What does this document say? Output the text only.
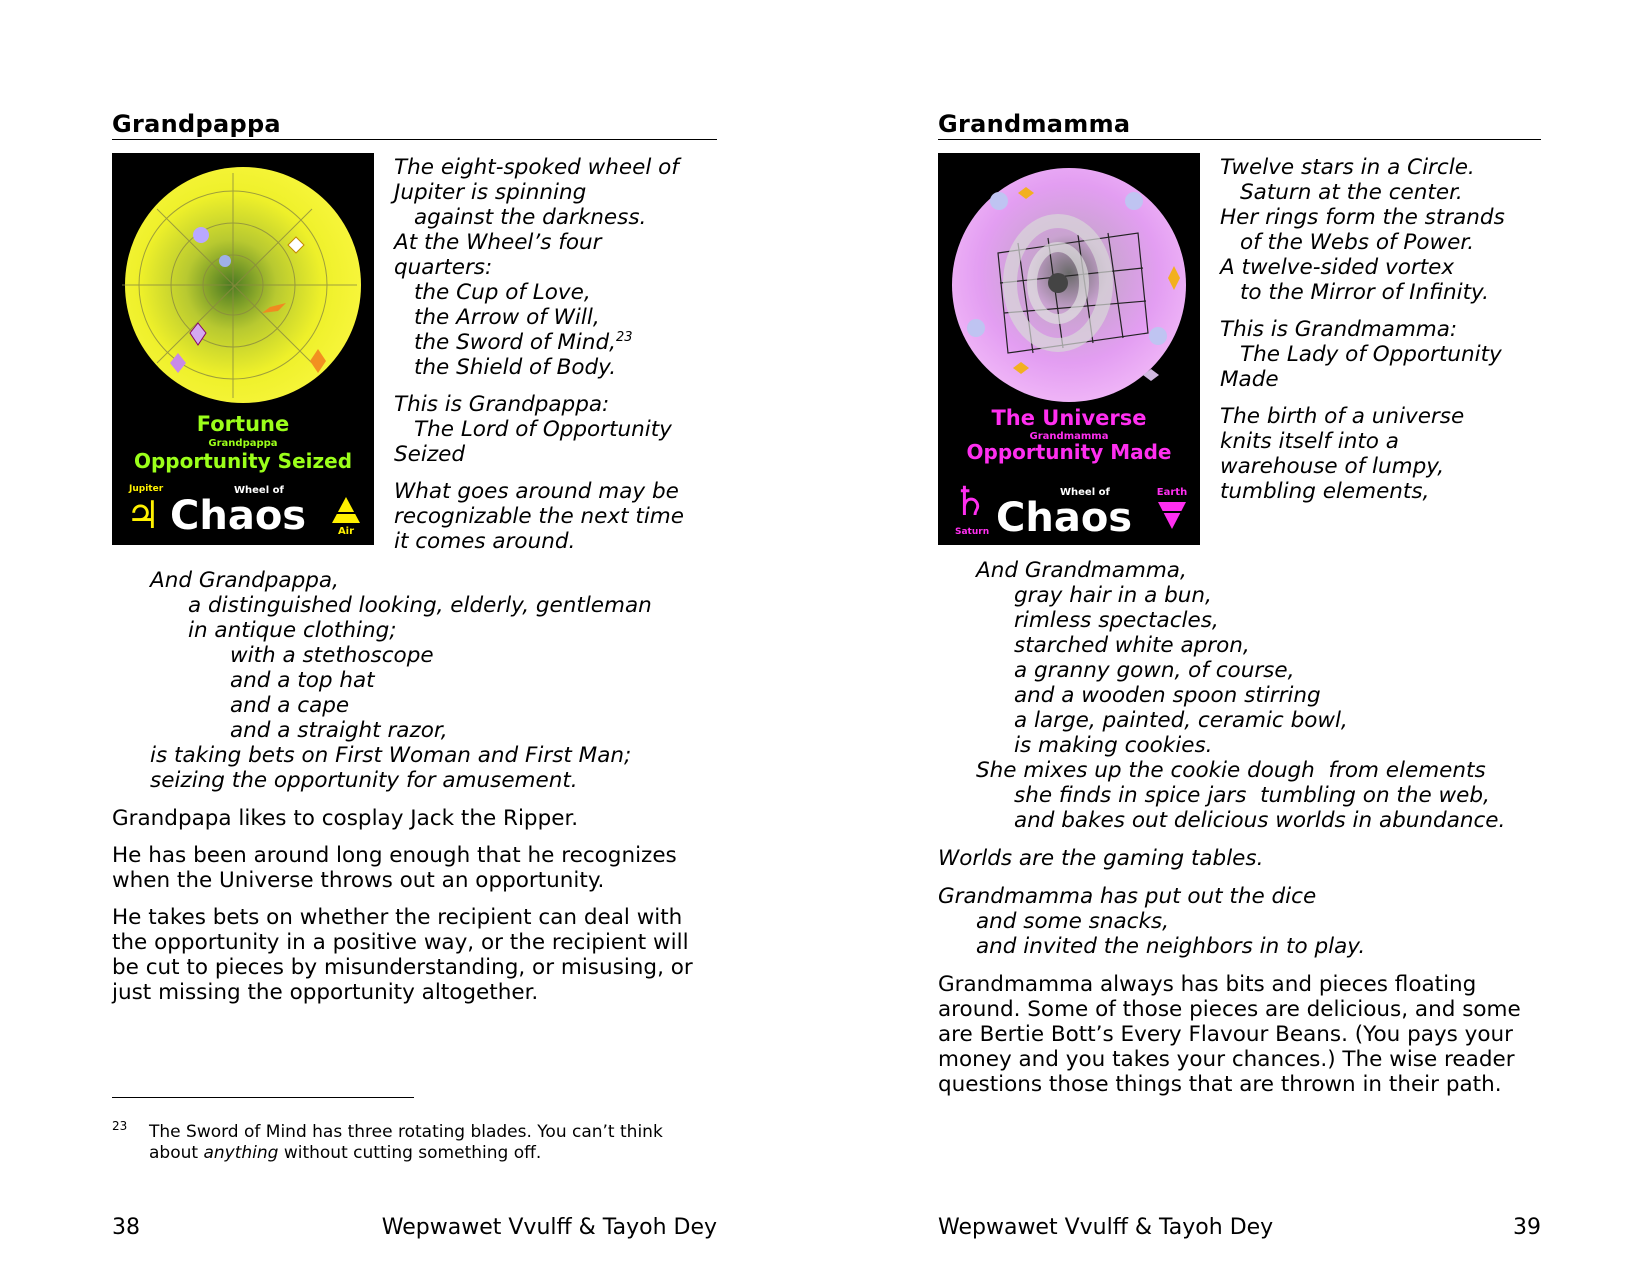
Grandpappa
Fortune
Grandpappa
Opportunity Seized
Jupiter
♃
Wheel of
Chaos	Air
The eight-spoked wheel of
Jupiter is spinning
against the darkness.
At the Wheel’s four
quarters:
the Cup of Love,
the Arrow of Will,
the Sword of Mind,$^{23}$
the Shield of Body.
This is Grandpappa:
The Lord of Opportunity
Seized
What goes around may be
recognizable the next time
it comes around.
And Grandpappa,
a distinguished looking, elderly, gentleman
in antique clothing;
with a stethoscope
and a top hat
and a cape
and a straight razor,
is taking bets on First Woman and First Man;
seizing the opportunity for amusement.

Grandpapa likes to cosplay Jack the Ripper.

He has been around long enough that he recognizes when the Universe throws out an opportunity.

He takes bets on whether the recipient can deal with the opportunity in a positive way, or the recipient will be cut to pieces by misunderstanding, or misusing, or just missing the opportunity altogether.

23	The Sword of Mind has three rotating blades. You can’t think about anything without cutting something off.
38	Wepwawet Vvulff & Tayoh Dey
Grandmamma
The Universe
Grandmamma
Opportunity Made
♄
Saturn
Wheel of
Chaos
Earth
Twelve stars in a Circle.
Saturn at the center.
Her rings form the strands
of the Webs of Power.
A twelve-sided vortex
to the Mirror of Infinity.
This is Grandmamma:
The Lady of Opportunity
Made
The birth of a universe
knits itself into a
warehouse of lumpy,
tumbling elements,
And Grandmamma,
gray hair in a bun,
rimless spectacles,
starched white apron,
a granny gown, of course,
and a wooden spoon stirring
a large, painted, ceramic bowl,
is making cookies.
She mixes up the cookie dough  from elements
she finds in spice jars  tumbling on the web,
and bakes out delicious worlds in abundance.
Worlds are the gaming tables.
Grandmamma has put out the dice
and some snacks,
and invited the neighbors in to play.

Grandmamma always has bits and pieces floating around. Some of those pieces are delicious, and some are Bertie Bott’s Every Flavour Beans. (You pays your money and you takes your chances.) The wise reader questions those things that are thrown in their path.

Wepwawet Vvulff & Tayoh Dey	39
